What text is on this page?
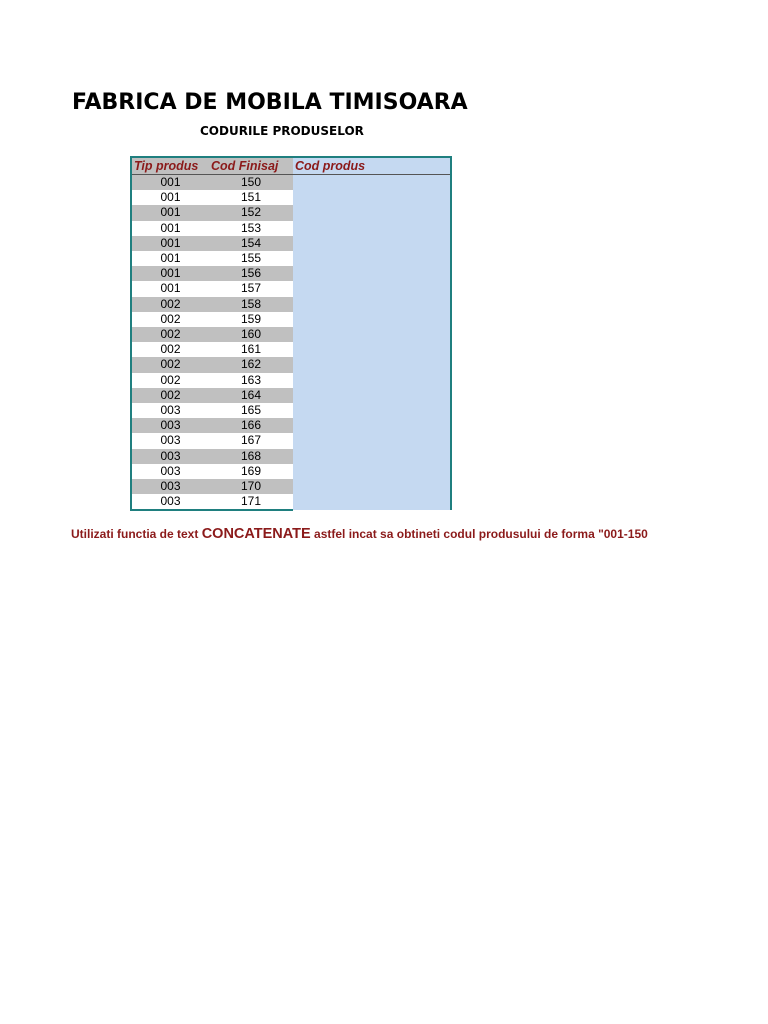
FABRICA DE MOBILA TIMISOARA
CODURILE PRODUSELOR
Tip produs	Cod Finisaj	Cod produs
001	150	
001	151	
001	152	
001	153	
001	154	
001	155	
001	156	
001	157	
002	158	
002	159	
002	160	
002	161	
002	162	
002	163	
002	164	
003	165	
003	166	
003	167	
003	168	
003	169	
003	170	
003	171	
Utilizati functia de text CONCATENATE astfel incat sa obtineti codul produsului de forma "001-150
